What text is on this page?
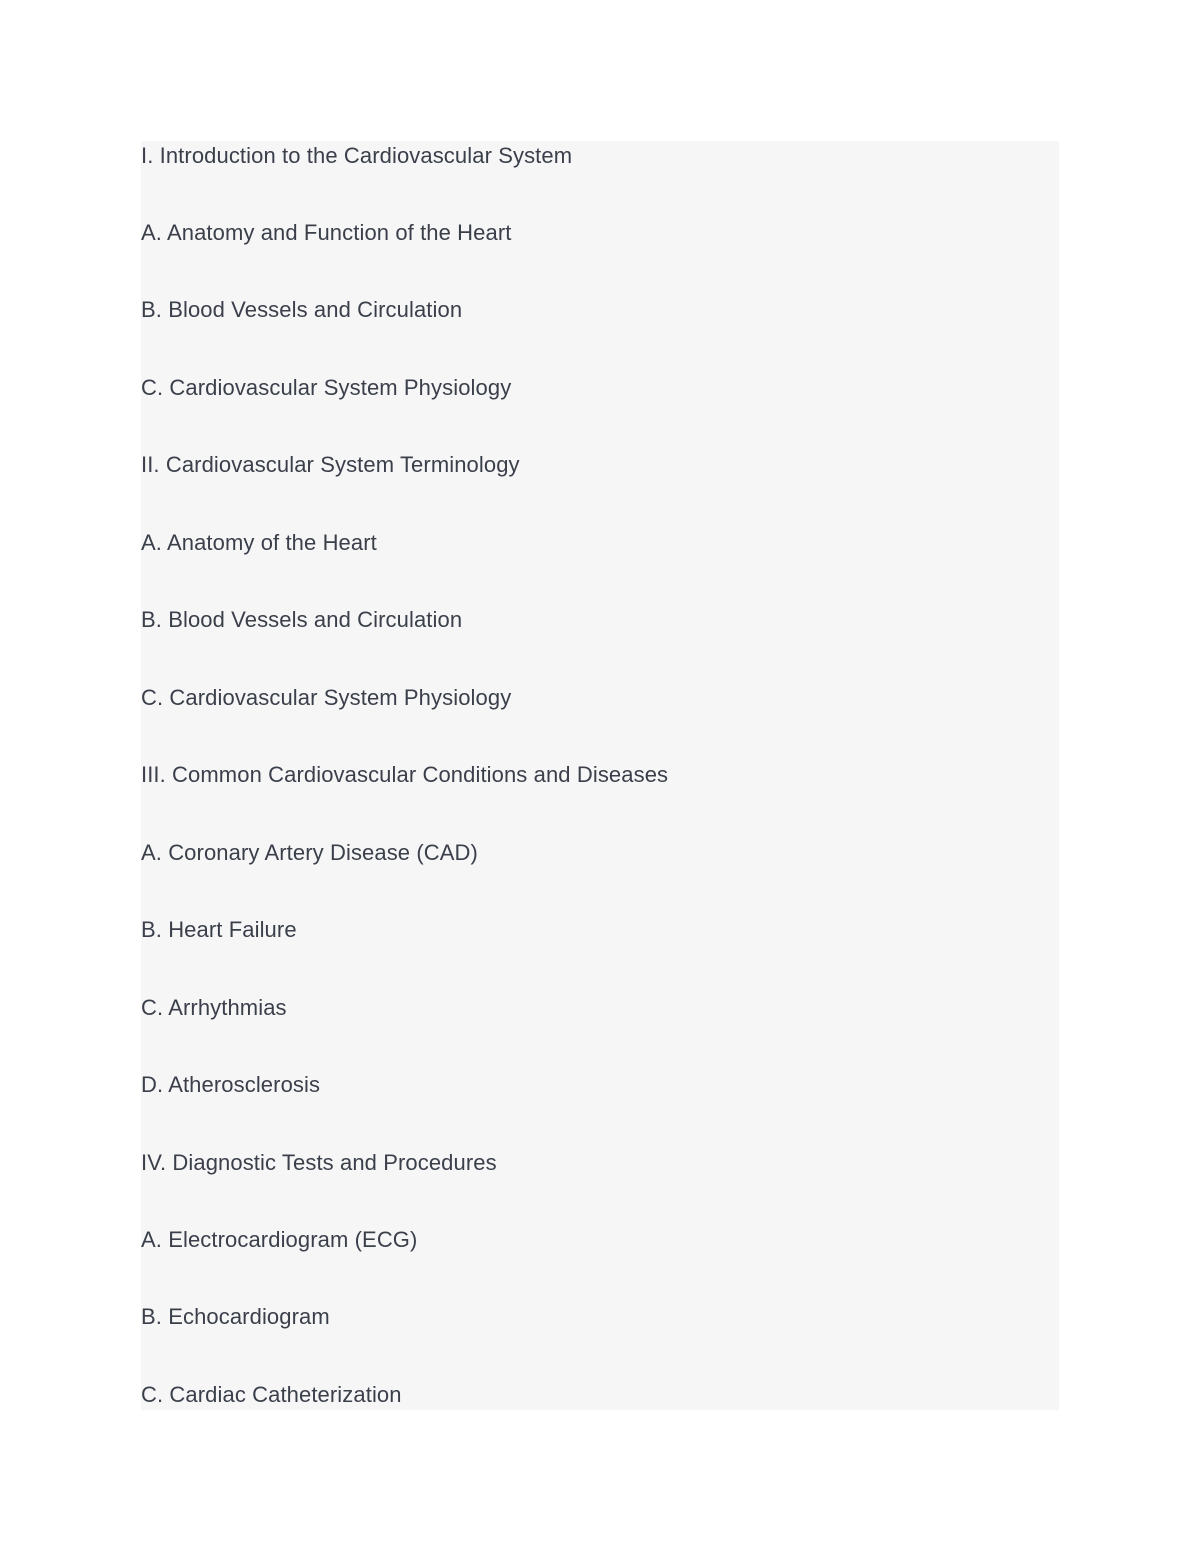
I. Introduction to the Cardiovascular System
A. Anatomy and Function of the Heart
B. Blood Vessels and Circulation
C. Cardiovascular System Physiology
II. Cardiovascular System Terminology
A. Anatomy of the Heart
B. Blood Vessels and Circulation
C. Cardiovascular System Physiology
III. Common Cardiovascular Conditions and Diseases
A. Coronary Artery Disease (CAD)
B. Heart Failure
C. Arrhythmias
D. Atherosclerosis
IV. Diagnostic Tests and Procedures
A. Electrocardiogram (ECG)
B. Echocardiogram
C. Cardiac Catheterization
